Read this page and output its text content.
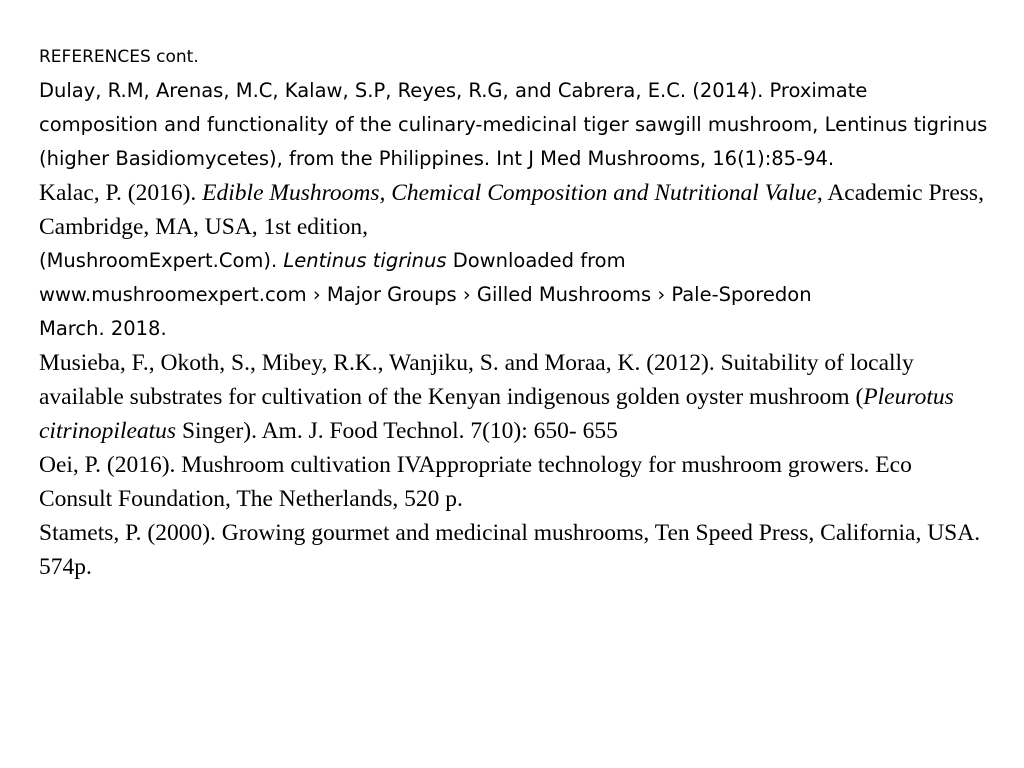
REFERENCES cont.

Dulay, R.M, Arenas, M.C, Kalaw, S.P, Reyes, R.G, and Cabrera, E.C. (2014). Proximate composition and functionality of the culinary-medicinal tiger sawgill mushroom, Lentinus tigrinus (higher Basidiomycetes), from the Philippines. Int J Med Mushrooms, 16(1):85-94.

Kalac, P. (2016). Edible Mushrooms, Chemical Composition and Nutritional Value, Academic Press, Cambridge, MA, USA, 1st edition,

(MushroomExpert.Com). Lentinus tigrinus Downloaded from
www.mushroomexpert.com › Major Groups › Gilled Mushrooms › Pale-Sporedon
March. 2018.

Musieba, F., Okoth, S., Mibey, R.K., Wanjiku, S. and Moraa, K. (2012). Suitability of locally available substrates for cultivation of the Kenyan indigenous golden oyster mushroom (Pleurotus citrinopileatus Singer). Am. J. Food Technol. 7(10): 650- 655

Oei, P. (2016). Mushroom cultivation IVAppropriate technology for mushroom growers. Eco Consult Foundation, The Netherlands, 520 p.

Stamets, P. (2000). Growing gourmet and medicinal mushrooms, Ten Speed Press, California, USA. 574p.
